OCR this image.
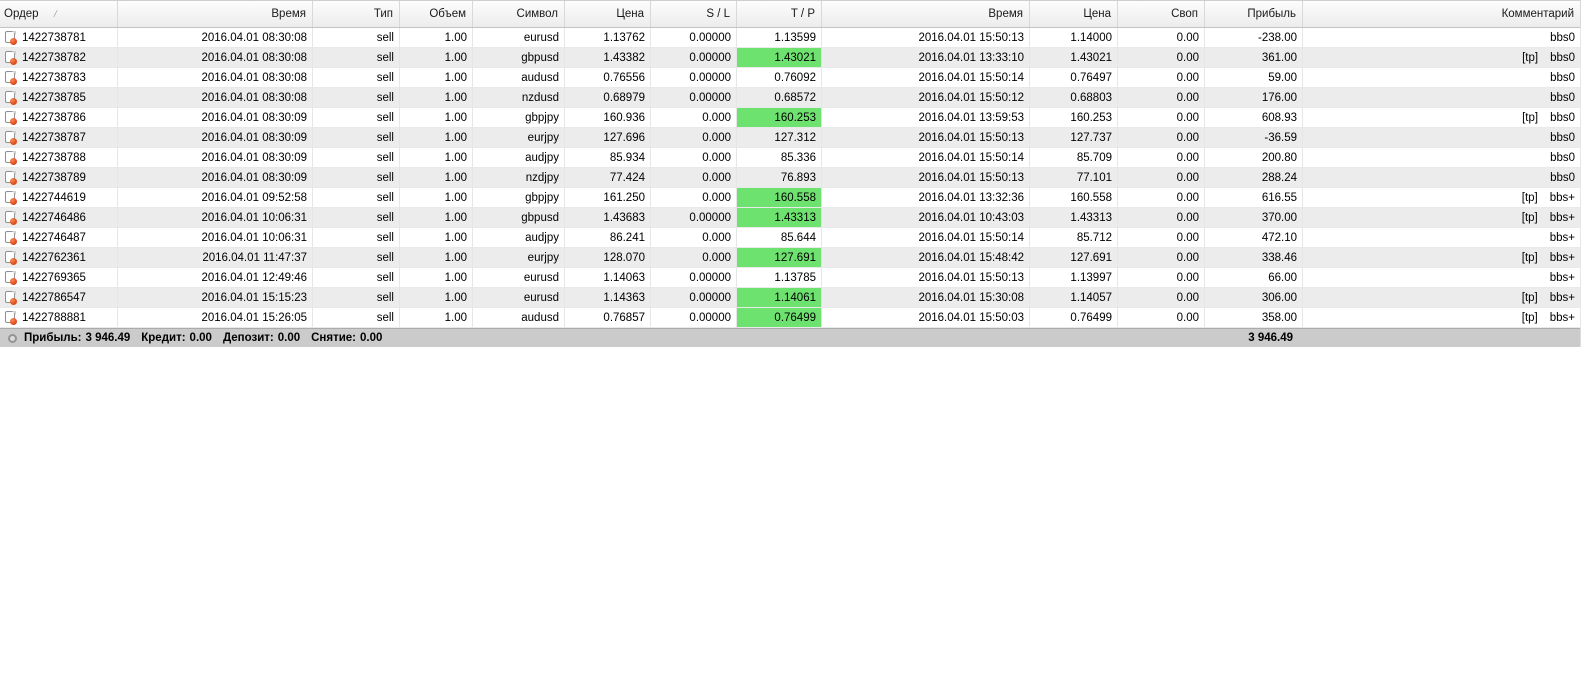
Ордер ∕	Время	Тип	Объем	Символ	Цена	S / L	T / P	Время	Цена	Своп	Прибыль	Комментарий
1422738781	2016.04.01 08:30:08	sell	1.00	eurusd	1.13762	0.00000	1.13599	2016.04.01 15:50:13	1.14000	0.00	-238.00	bbs0
1422738782	2016.04.01 08:30:08	sell	1.00	gbpusd	1.43382	0.00000	1.43021	2016.04.01 13:33:10	1.43021	0.00	361.00	[tp] bbs0
1422738783	2016.04.01 08:30:08	sell	1.00	audusd	0.76556	0.00000	0.76092	2016.04.01 15:50:14	0.76497	0.00	59.00	bbs0
1422738785	2016.04.01 08:30:08	sell	1.00	nzdusd	0.68979	0.00000	0.68572	2016.04.01 15:50:12	0.68803	0.00	176.00	bbs0
1422738786	2016.04.01 08:30:09	sell	1.00	gbpjpy	160.936	0.000	160.253	2016.04.01 13:59:53	160.253	0.00	608.93	[tp] bbs0
1422738787	2016.04.01 08:30:09	sell	1.00	eurjpy	127.696	0.000	127.312	2016.04.01 15:50:13	127.737	0.00	-36.59	bbs0
1422738788	2016.04.01 08:30:09	sell	1.00	audjpy	85.934	0.000	85.336	2016.04.01 15:50:14	85.709	0.00	200.80	bbs0
1422738789	2016.04.01 08:30:09	sell	1.00	nzdjpy	77.424	0.000	76.893	2016.04.01 15:50:13	77.101	0.00	288.24	bbs0
1422744619	2016.04.01 09:52:58	sell	1.00	gbpjpy	161.250	0.000	160.558	2016.04.01 13:32:36	160.558	0.00	616.55	[tp] bbs+
1422746486	2016.04.01 10:06:31	sell	1.00	gbpusd	1.43683	0.00000	1.43313	2016.04.01 10:43:03	1.43313	0.00	370.00	[tp] bbs+
1422746487	2016.04.01 10:06:31	sell	1.00	audjpy	86.241	0.000	85.644	2016.04.01 15:50:14	85.712	0.00	472.10	bbs+
1422762361	2016.04.01 11:47:37	sell	1.00	eurjpy	128.070	0.000	127.691	2016.04.01 15:48:42	127.691	0.00	338.46	[tp] bbs+
1422769365	2016.04.01 12:49:46	sell	1.00	eurusd	1.14063	0.00000	1.13785	2016.04.01 15:50:13	1.13997	0.00	66.00	bbs+
1422786547	2016.04.01 15:15:23	sell	1.00	eurusd	1.14363	0.00000	1.14061	2016.04.01 15:30:08	1.14057	0.00	306.00	[tp] bbs+
1422788881	2016.04.01 15:26:05	sell	1.00	audusd	0.76857	0.00000	0.76499	2016.04.01 15:50:03	0.76499	0.00	358.00	[tp] bbs+
Прибыль: 3 946.49 Кредит: 0.00 Депозит: 0.00 Снятие: 0.00	3 946.49
